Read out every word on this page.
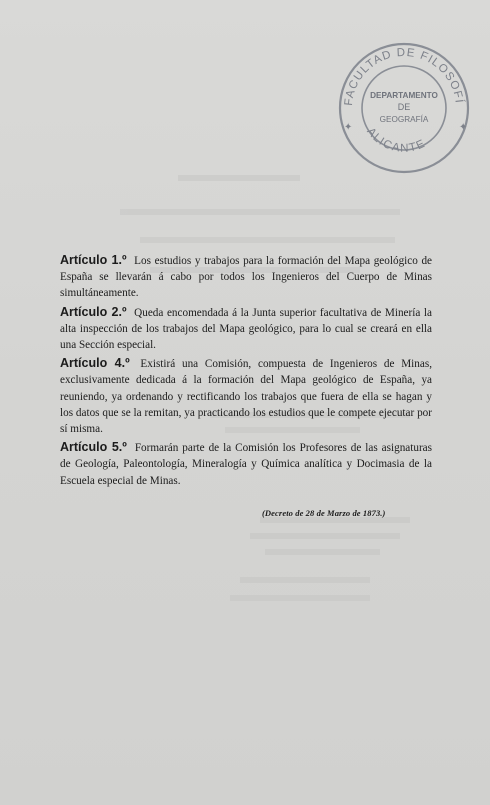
FACULTAD DE FILOSOFÍ
DEPARTAMENTO
DE
GEOGRAFÍA
ALICANTE
✦
✦

Artículo 1.º Los estudios y trabajos para la formación del Mapa geológico de España se llevarán á cabo por todos los Ingenieros del Cuerpo de Minas simultáneamente.

Artículo 2.º Queda encomendada á la Junta superior facultativa de Minería la alta inspección de los trabajos del Mapa geológico, para lo cual se creará en ella una Sección especial.

Artículo 4.º Existirá una Comisión, compuesta de Ingenieros de Minas, exclusivamente dedicada á la formación del Mapa geológico de España, ya reuniendo, ya ordenando y rectificando los trabajos que fuera de ella se hagan y los datos que se la remitan, ya practicando los estudios que le compete ejecutar por sí misma.

Artículo 5.º Formarán parte de la Comisión los Profesores de las asignaturas de Geología, Paleontología, Mineralogía y Química analítica y Docimasia de la Escuela especial de Minas.

(Decreto de 28 de Marzo de 1873.)
